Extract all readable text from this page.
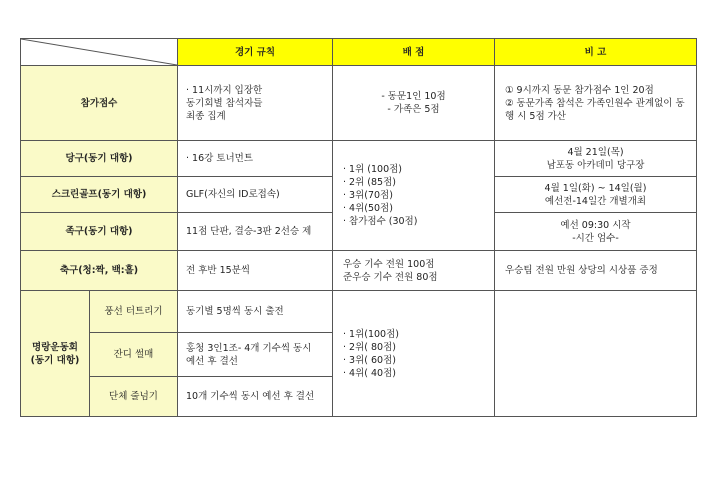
	경기 규칙	배 점	비 고
참가점수		· 11시까지 입장한
동기회별 참석자들
최종 집계	- 동문1인 10점
- 가족은 5점	① 9시까지 동문 참가점수 1인 20점
② 동문가족 참석은 가족인원수 관계없이 동
행 시 5점 가산

당구(동기 대항)		· 16강 토너먼트	· 1위 (100점)
· 2위 (85점)
· 3위(70점)
· 4위(50점)
· 참가점수 (30점)	4월 21일(목)
남포동 아카데미 당구장

스크린골프(동기 대항)		GLF(자신의 ID로접속)		4월 1일(화) ~ 14일(월)
예선전-14일간 개별개최

족구(동기 대항)		11점 단판, 결승-3판 2선승 제		예선 09:30 시작
-시간 엄수-

축구(청:짝, 백:홀)		전 후반 15분씩	우승 기수 전원 100점
준우승 기수 전원 80점	우승팀 전원 만원 상당의 시상품 증정

명랑운동회
(동기 대항)	풍선 터트리기	동기별 5명씩 동시 출전	· 1위(100점)
· 2위( 80점)
· 3위( 60점)
· 4위( 40점)	

	잔디 썰매	홍청 3인1조- 4개 기수씩 동시
예선 후 결선		

	단체 줄넘기	10개 기수씩 동시 예선 후 결선		
